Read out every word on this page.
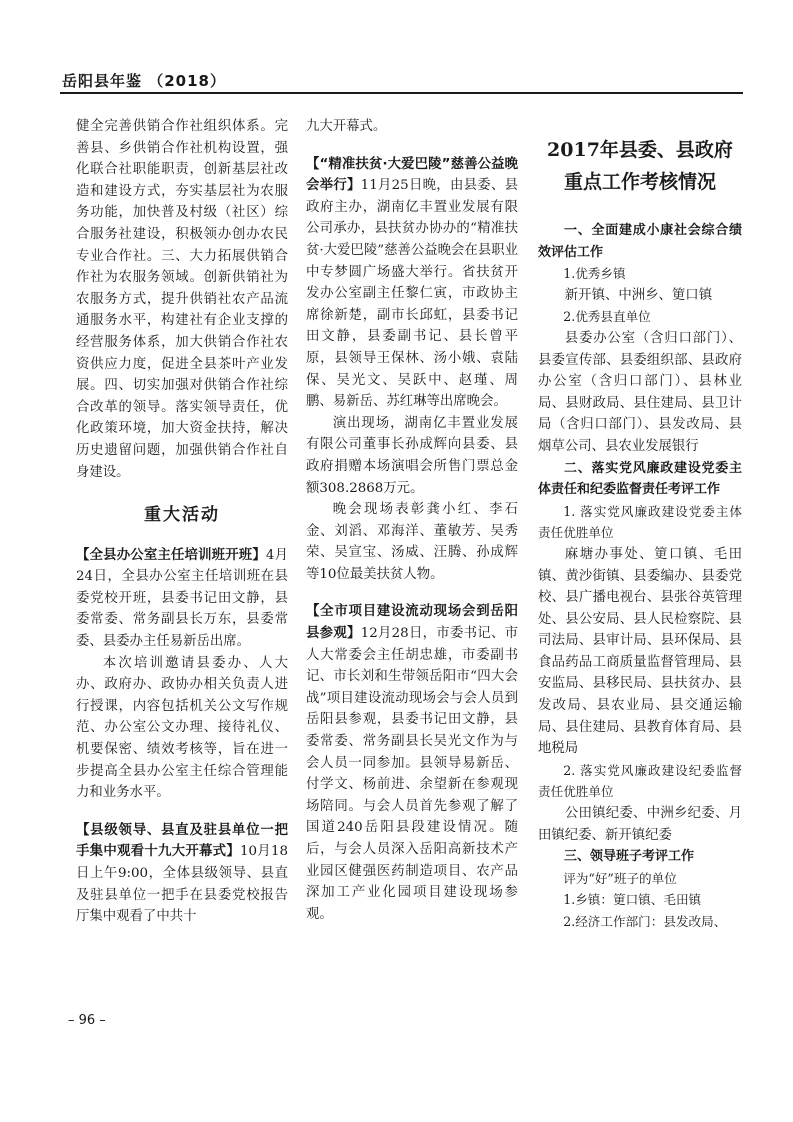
岳阳县年鉴 （2018）

健全完善供销合作社组织体系。完善县、乡供销合作社机构设置，强化联合社职能职责，创新基层社改造和建设方式，夯实基层社为农服务功能，加快普及村级（社区）综合服务社建设，积极领办创办农民专业合作社。三、大力拓展供销合作社为农服务领域。创新供销社为农服务方式，提升供销社农产品流通服务水平，构建社有企业支撑的经营服务体系，加大供销合作社农资供应力度，促进全县茶叶产业发展。四、切实加强对供销合作社综合改革的领导。落实领导责任，优化政策环境，加大资金扶持，解决历史遗留问题，加强供销合作社自身建设。

重大活动

【全县办公室主任培训班开班】4月24日，全县办公室主任培训班在县委党校开班，县委书记田文静，县委常委、常务副县长万东，县委常委、县委办主任易新岳出席。

本次培训邀请县委办、人大办、政府办、政协办相关负责人进行授课，内容包括机关公文写作规范、办公室公文办理、接待礼仪、机要保密、绩效考核等，旨在进一步提高全县办公室主任综合管理能力和业务水平。

【县级领导、县直及驻县单位一把手集中观看十九大开幕式】10月18日上午9:00，全体县级领导、县直及驻县单位一把手在县委党校报告厅集中观看了中共十

九大开幕式。

【“精准扶贫·大爱巴陵”慈善公益晚会举行】11月25日晚，由县委、县政府主办，湖南亿丰置业发展有限公司承办，县扶贫办协办的“精准扶贫·大爱巴陵”慈善公益晚会在县职业中专梦圆广场盛大举行。省扶贫开发办公室副主任黎仁寅，市政协主席徐新楚，副市长邱虹，县委书记田文静，县委副书记、县长曾平原，县领导王保林、汤小娥、袁陆保、吴光文、吴跃中、赵瑾、周鹏、易新岳、苏红琳等出席晚会。

演出现场，湖南亿丰置业发展有限公司董事长孙成辉向县委、县政府捐赠本场演唱会所售门票总金额308.2868万元。

晚会现场表彰龚小红、李石金、刘滔、邓海洋、董敏芳、吴秀荣、吴宣宝、汤威、汪腾、孙成辉等10位最美扶贫人物。

【全市项目建设流动现场会到岳阳县参观】12月28日，市委书记、市人大常委会主任胡忠雄，市委副书记、市长刘和生带领岳阳市“四大会战”项目建设流动现场会与会人员到岳阳县参观，县委书记田文静，县委常委、常务副县长吴光文作为与会人员一同参加。县领导易新岳、付学文、杨前进、余望新在参观现场陪同。与会人员首先参观了解了国道240岳阳县段建设情况。随后，与会人员深入岳阳高新技术产业园区健强医药制造项目、农产品深加工产业化园项目建设现场参观。

2017年县委、县政府
重点工作考核情况

一、全面建成小康社会综合绩效评估工作

1.优秀乡镇

新开镇、中洲乡、筻口镇

2.优秀县直单位

县委办公室（含归口部门）、县委宣传部、县委组织部、县政府办公室（含归口部门）、县林业局、县财政局、县住建局、县卫计局（含归口部门）、县发改局、县烟草公司、县农业发展银行

二、落实党风廉政建设党委主体责任和纪委监督责任考评工作

1. 落实党风廉政建设党委主体责任优胜单位

麻塘办事处、筻口镇、毛田镇、黄沙街镇、县委编办、县委党校、县广播电视台、县张谷英管理处、县公安局、县人民检察院、县司法局、县审计局、县环保局、县食品药品工商质量监督管理局、县安监局、县移民局、县扶贫办、县发改局、县农业局、县交通运输局、县住建局、县教育体育局、县地税局

2. 落实党风廉政建设纪委监督责任优胜单位

公田镇纪委、中洲乡纪委、月田镇纪委、新开镇纪委

三、领导班子考评工作

评为“好”班子的单位

1.乡镇：筻口镇、毛田镇

2.经济工作部门：县发改局、

– 96 –
